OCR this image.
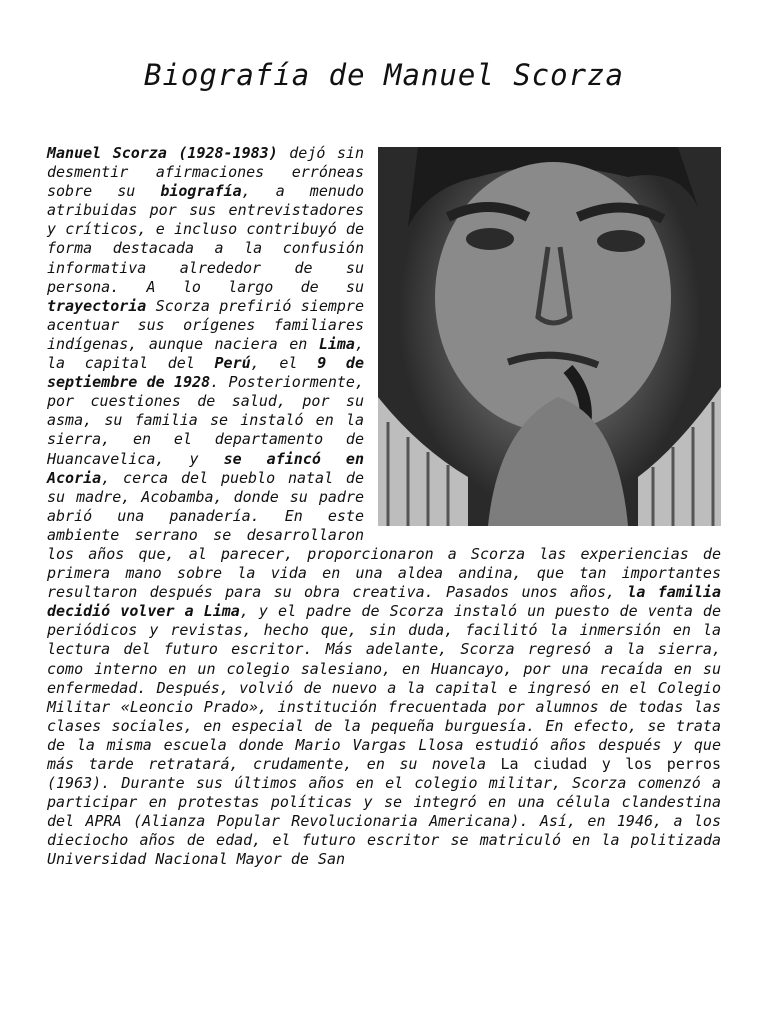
Biografía de Manuel Scorza

Manuel Scorza (1928-1983) dejó sin desmentir afirmaciones erróneas sobre su biografía, a menudo atribuidas por sus entrevistadores y críticos, e incluso contribuyó de forma destacada a la confusión informativa alrededor de su persona. A lo largo de su trayectoria Scorza prefirió siempre acentuar sus orígenes familiares indígenas, aunque naciera en Lima, la capital del Perú, el 9 de septiembre de 1928. Posteriormente, por cuestiones de salud, por su asma, su familia se instaló en la sierra, en el departamento de Huancavelica, y se afincó en Acoria, cerca del pueblo natal de su madre, Acobamba, donde su padre abrió una panadería. En este ambiente serrano se desarrollaron los años que, al parecer, proporcionaron a Scorza las experiencias de primera mano sobre la vida en una aldea andina, que tan importantes resultaron después para su obra creativa. Pasados unos años, la familia decidió volver a Lima, y el padre de Scorza instaló un puesto de venta de periódicos y revistas, hecho que, sin duda, facilitó la inmersión en la lectura del futuro escritor. Más adelante, Scorza regresó a la sierra, como interno en un colegio salesiano, en Huancayo, por una recaída en su enfermedad. Después, volvió de nuevo a la capital e ingresó en el Colegio Militar «Leoncio Prado», institución frecuentada por alumnos de todas las clases sociales, en especial de la pequeña burguesía. En efecto, se trata de la misma escuela donde Mario Vargas Llosa estudió años después y que más tarde retratará, crudamente, en su novela La ciudad y los perros (1963). Durante sus últimos años en el colegio militar, Scorza comenzó a participar en protestas políticas y se integró en una célula clandestina del APRA (Alianza Popular Revolucionaria Americana). Así, en 1946, a los dieciocho años de edad, el futuro escritor se matriculó en la politizada Universidad Nacional Mayor de San
